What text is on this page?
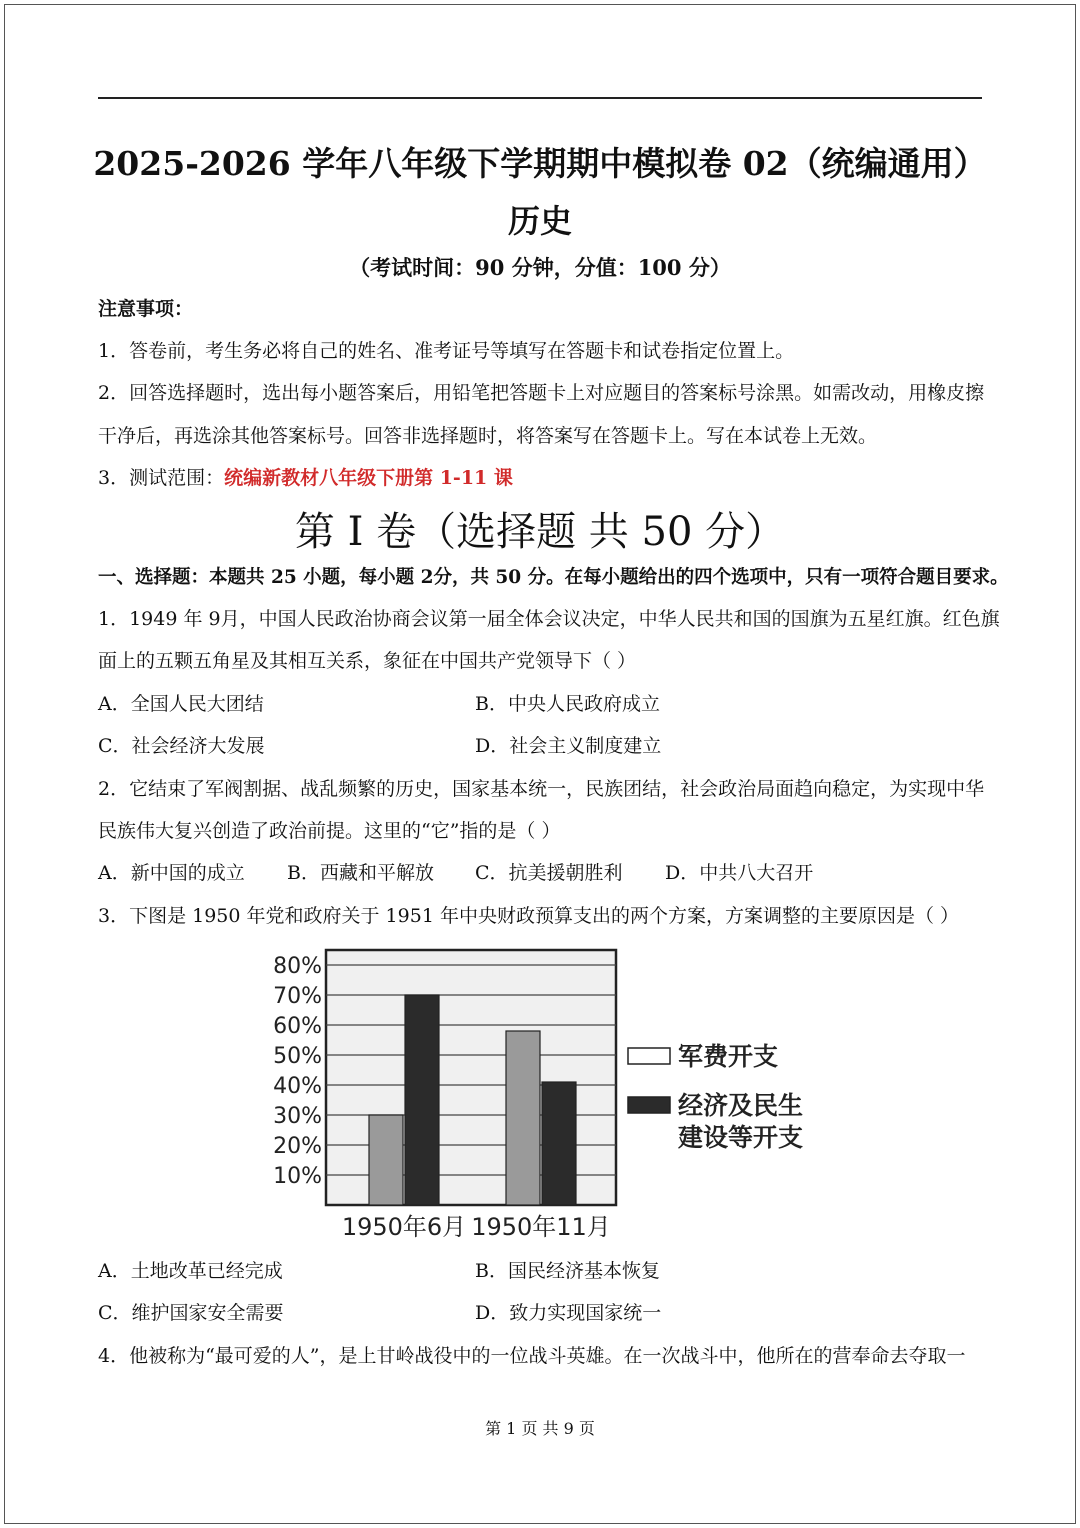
2025-2026 学年八年级下学期期中模拟卷 02（统编通用）
历史
（考试时间：90 分钟，分值：100 分）
注意事项：
1．答卷前，考生务必将自己的姓名、准考证号等填写在答题卡和试卷指定位置上。
2．回答选择题时，选出每小题答案后，用铅笔把答题卡上对应题目的答案标号涂黑。如需改动，用橡皮擦
干净后，再选涂其他答案标号。回答非选择题时，将答案写在答题卡上。写在本试卷上无效。
3．测试范围：统编新教材八年级下册第 1-11 课
第 I 卷（选择题 共 50 分）
一、选择题：本题共 25 小题，每小题 2分，共 50 分。在每小题给出的四个选项中，只有一项符合题目要求。
1．1949 年 9月，中国人民政治协商会议第一届全体会议决定，中华人民共和国的国旗为五星红旗。红色旗
面上的五颗五角星及其相互关系，象征在中国共产党领导下（ ）
A．全国人民大团结	B．中央人民政府成立
C．社会经济大发展	D．社会主义制度建立
2．它结束了军阀割据、战乱频繁的历史，国家基本统一，民族团结，社会政治局面趋向稳定，为实现中华
民族伟大复兴创造了政治前提。这里的“它”指的是（ ）
A．新中国的成立 B．西藏和平解放 C．抗美援朝胜利 D．中共八大召开
3．下图是 1950 年党和政府关于 1951 年中央财政预算支出的两个方案，方案调整的主要原因是（ ）
80%
70%
60%
50%
40%
30%
20%
10%
1950年6月 1950年11月
军费开支
经济及民生
建设等开支
A．土地改革已经完成	B．国民经济基本恢复
C．维护国家安全需要	D．致力实现国家统一
4．他被称为“最可爱的人”，是上甘岭战役中的一位战斗英雄。在一次战斗中，他所在的营奉命去夺取一
第 1 页 共 9 页
